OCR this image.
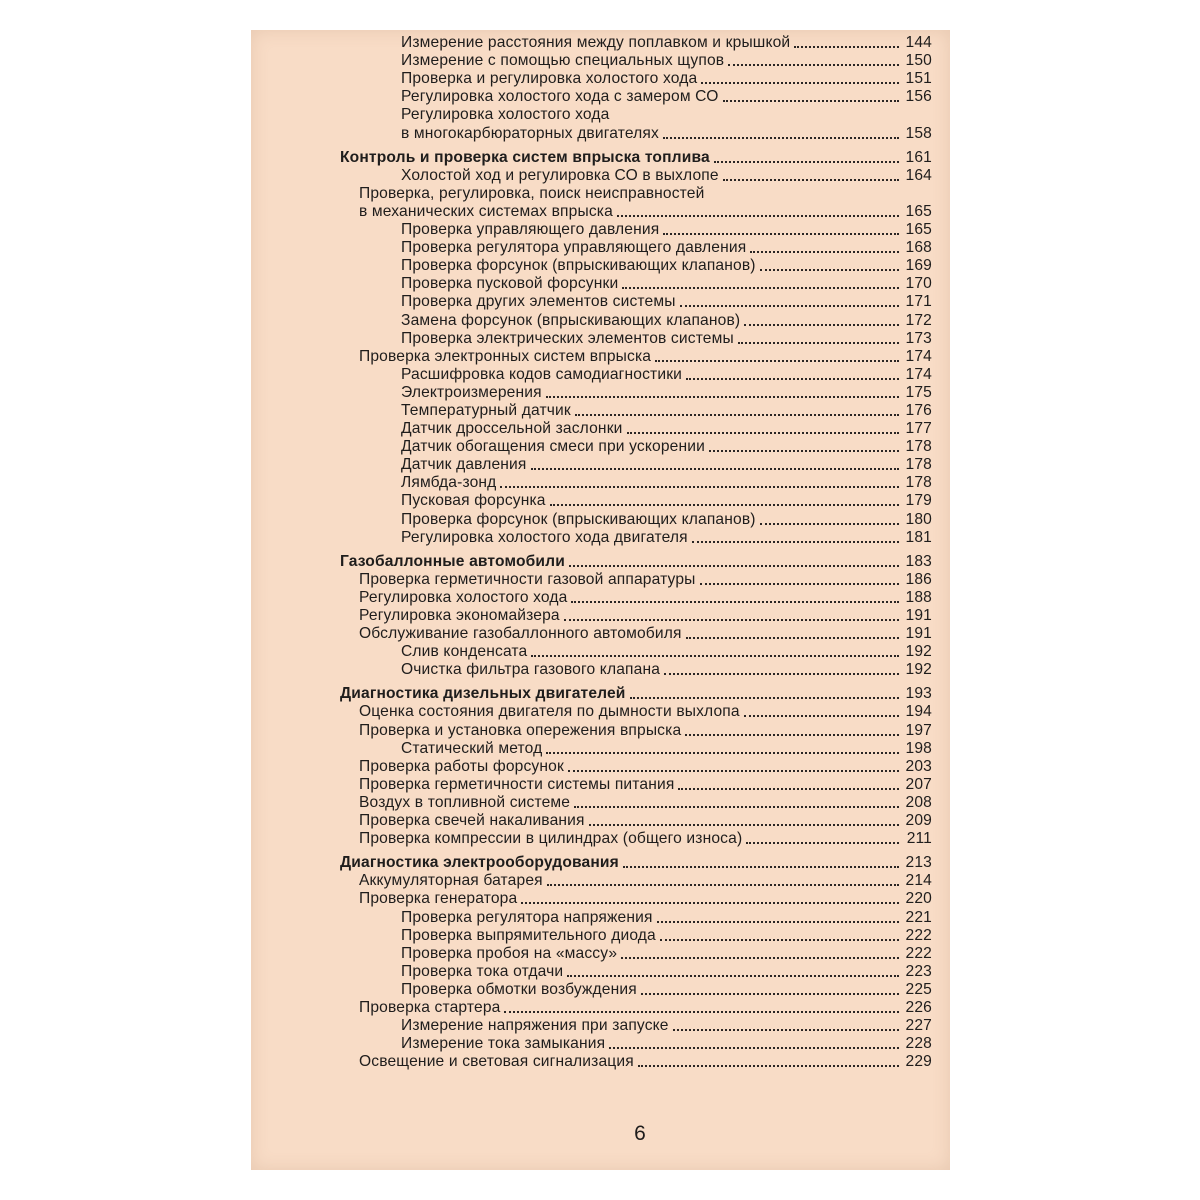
Измерение расстояния между поплавком и крышкой	144
Измерение с помощью специальных щупов	150
Проверка и регулировка холостого хода	151
Регулировка холостого хода с замером СО	156
Регулировка холостого хода
в многокарбюраторных двигателях	158
Контроль и проверка систем впрыска топлива	161
Холостой ход и регулировка СО в выхлопе	164
Проверка, регулировка, поиск неисправностей
в механических системах впрыска	165
Проверка управляющего давления	165
Проверка регулятора управляющего давления	168
Проверка форсунок (впрыскивающих клапанов)	169
Проверка пусковой форсунки	170
Проверка других элементов системы	171
Замена форсунок (впрыскивающих клапанов)	172
Проверка электрических элементов системы	173
Проверка электронных систем впрыска	174
Расшифровка кодов самодиагностики	174
Электроизмерения	175
Температурный датчик	176
Датчик дроссельной заслонки	177
Датчик обогащения смеси при ускорении	178
Датчик давления	178
Лямбда-зонд	178
Пусковая форсунка	179
Проверка форсунок (впрыскивающих клапанов)	180
Регулировка холостого хода двигателя	181
Газобаллонные автомобили	183
Проверка герметичности газовой аппаратуры	186
Регулировка холостого хода	188
Регулировка экономайзера	191
Обслуживание газобаллонного автомобиля	191
Слив конденсата	192
Очистка фильтра газового клапана	192
Диагностика дизельных двигателей	193
Оценка состояния двигателя по дымности выхлопа	194
Проверка и установка опережения впрыска	197
Статический метод	198
Проверка работы форсунок	203
Проверка герметичности системы питания	207
Воздух в топливной системе	208
Проверка свечей накаливания	209
Проверка компрессии в цилиндрах (общего износа)	211
Диагностика электрооборудования	213
Аккумуляторная батарея	214
Проверка генератора	220
Проверка регулятора напряжения	221
Проверка выпрямительного диода	222
Проверка пробоя на «массу»	222
Проверка тока отдачи	223
Проверка обмотки возбуждения	225
Проверка стартера	226
Измерение напряжения при запуске	227
Измерение тока замыкания	228
Освещение и световая сигнализация	229
6
